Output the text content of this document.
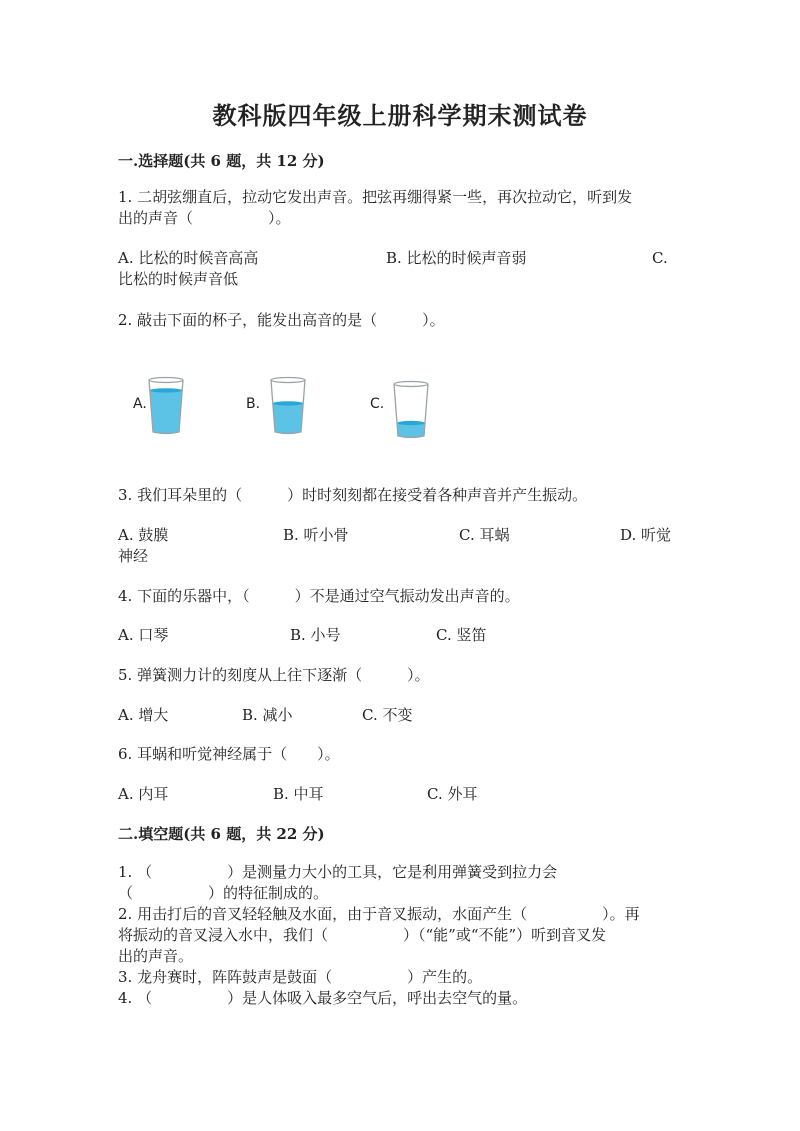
教科版四年级上册科学期末测试卷
一.选择题(共 6 题，共 12 分)
1. 二胡弦绷直后，拉动它发出声音。把弦再绷得紧一些，再次拉动它，听到发
出的声音（　　　　　）。
A. 比松的时候音高高	B. 比松的时候声音弱	C.
比松的时候声音低
2. 敲击下面的杯子，能发出高音的是（　　　）。
A.	B.	C.
3. 我们耳朵里的（　　　）时时刻刻都在接受着各种声音并产生振动。
A. 鼓膜	B. 听小骨	C. 耳蜗	D. 听觉
神经
4. 下面的乐器中，（　　　）不是通过空气振动发出声音的。
A. 口琴	B. 小号	C. 竖笛
5. 弹簧测力计的刻度从上往下逐渐（　　　）。
A. 增大	B. 减小	C. 不变
6. 耳蜗和听觉神经属于（　　）。
A. 内耳	B. 中耳	C. 外耳
二.填空题(共 6 题，共 22 分)
1. （　　　　　）是测量力大小的工具，它是利用弹簧受到拉力会
（　　　　　）的特征制成的。
2. 用击打后的音叉轻轻触及水面，由于音叉振动，水面产生（　　　　　）。再
将振动的音叉浸入水中，我们（　　　　　）（“能”或“不能”）听到音叉发
出的声音。
3. 龙舟赛时，阵阵鼓声是鼓面（　　　　　）产生的。
4. （　　　　　）是人体吸入最多空气后，呼出去空气的量。
